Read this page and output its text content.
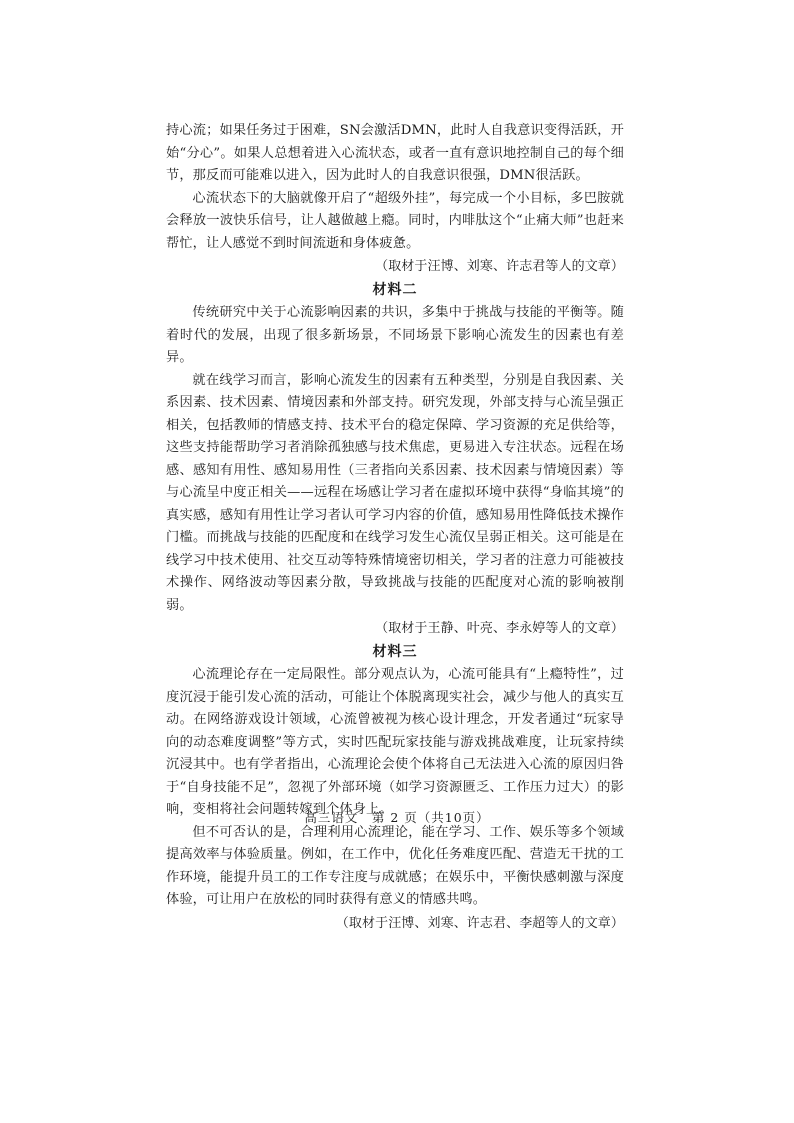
持心流；如果任务过于困难，SN会激活DMN，此时人自我意识变得活跃，开始“分心”。如果人总想着进入心流状态，或者一直有意识地控制自己的每个细节，那反而可能难以进入，因为此时人的自我意识很强，DMN很活跃。

心流状态下的大脑就像开启了“超级外挂”，每完成一个小目标，多巴胺就会释放一波快乐信号，让人越做越上瘾。同时，内啡肽这个“止痛大师”也赶来帮忙，让人感觉不到时间流逝和身体疲惫。

（取材于汪博、刘寒、许志君等人的文章）

材料二

传统研究中关于心流影响因素的共识，多集中于挑战与技能的平衡等。随着时代的发展，出现了很多新场景，不同场景下影响心流发生的因素也有差异。

就在线学习而言，影响心流发生的因素有五种类型，分别是自我因素、关系因素、技术因素、情境因素和外部支持。研究发现，外部支持与心流呈强正相关，包括教师的情感支持、技术平台的稳定保障、学习资源的充足供给等，这些支持能帮助学习者消除孤独感与技术焦虑，更易进入专注状态。远程在场感、感知有用性、感知易用性（三者指向关系因素、技术因素与情境因素）等与心流呈中度正相关——远程在场感让学习者在虚拟环境中获得“身临其境”的真实感，感知有用性让学习者认可学习内容的价值，感知易用性降低技术操作门槛。而挑战与技能的匹配度和在线学习发生心流仅呈弱正相关。这可能是在线学习中技术使用、社交互动等特殊情境密切相关，学习者的注意力可能被技术操作、网络波动等因素分散，导致挑战与技能的匹配度对心流的影响被削弱。

（取材于王静、叶亮、李永婷等人的文章）

材料三

心流理论存在一定局限性。部分观点认为，心流可能具有“上瘾特性”，过度沉浸于能引发心流的活动，可能让个体脱离现实社会，减少与他人的真实互动。在网络游戏设计领域，心流曾被视为核心设计理念，开发者通过“玩家导向的动态难度调整”等方式，实时匹配玩家技能与游戏挑战难度，让玩家持续沉浸其中。也有学者指出，心流理论会使个体将自己无法进入心流的原因归咎于“自身技能不足”，忽视了外部环境（如学习资源匮乏、工作压力过大）的影响，变相将社会问题转嫁到个体身上。

但不可否认的是，合理利用心流理论，能在学习、工作、娱乐等多个领域提高效率与体验质量。例如，在工作中，优化任务难度匹配、营造无干扰的工作环境，能提升员工的工作专注度与成就感；在娱乐中，平衡快感刺激与深度体验，可让用户在放松的同时获得有意义的情感共鸣。

（取材于汪博、刘寒、许志君、李超等人的文章）

高三语文　第 2 页（共10页）
